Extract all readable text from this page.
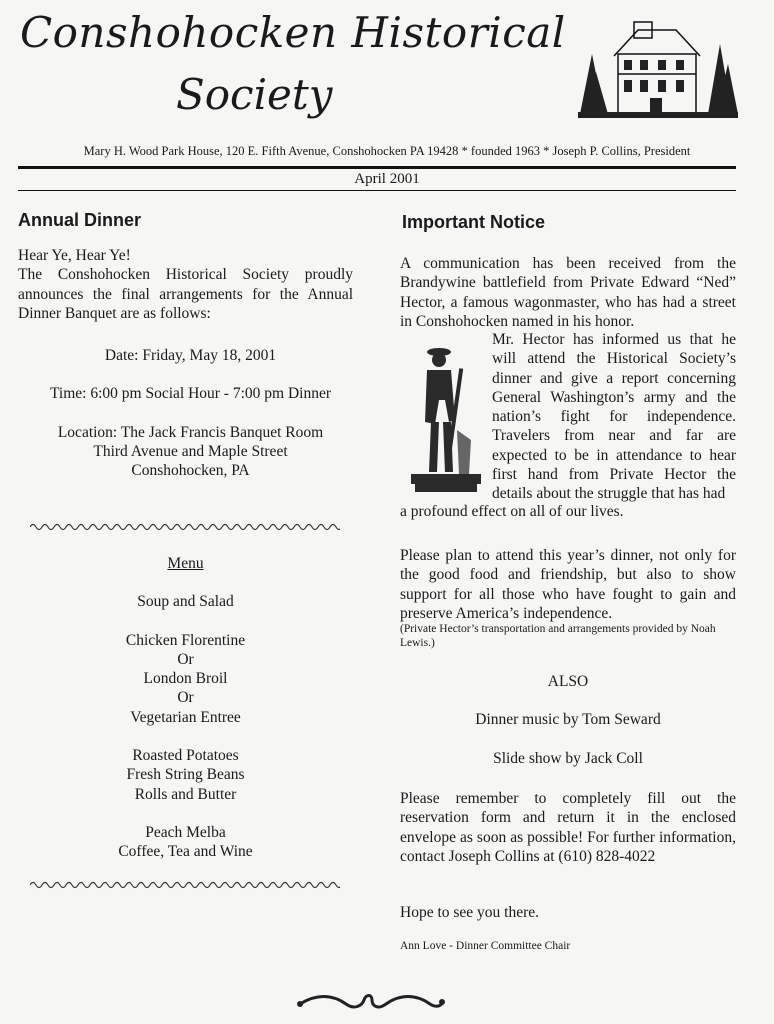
Conshohocken Historical
Society
Mary H. Wood Park House, 120 E. Fifth Avenue, Conshohocken PA 19428 * founded 1963 * Joseph P. Collins, President
April 2001
Annual Dinner
Hear Ye, Hear Ye!
The Conshohocken Historical Society proudly announces the final arrangements for the Annual Dinner Banquet are as follows:

Date: Friday, May 18, 2001

Time: 6:00 pm Social Hour - 7:00 pm Dinner

Location: The Jack Francis Banquet Room

Third Avenue and Maple Street

Conshohocken, PA

Menu
Soup and Salad
Chicken Florentine
Or
London Broil
Or
Vegetarian Entree
Roasted Potatoes
Fresh String Beans
Rolls and Butter
Peach Melba
Coffee, Tea and Wine
Important Notice
A communication has been received from the Brandywine battlefield from Private Edward “Ned” Hector, a famous wagonmaster, who has had a street in Conshohocken named in his honor.
Mr. Hector has informed us that he will attend the Historical Society’s dinner and give a report concerning General Washington’s army and the nation’s fight for independence. Travelers from near and far are expected to be in attendance to hear first hand from Private Hector the details about the struggle that has had
a profound effect on all of our lives.
Please plan to attend this year’s dinner, not only for the good food and friendship, but also to show support for all those who have fought to gain and preserve America’s independence.
(Private Hector’s transportation and arrangements provided by Noah Lewis.)
ALSO
Dinner music by Tom Seward
Slide show by Jack Coll
Please remember to completely fill out the reservation form and return it in the enclosed envelope as soon as possible! For further information, contact Joseph Collins at (610) 828-4022
Hope to see you there.
Ann Love - Dinner Committee Chair
